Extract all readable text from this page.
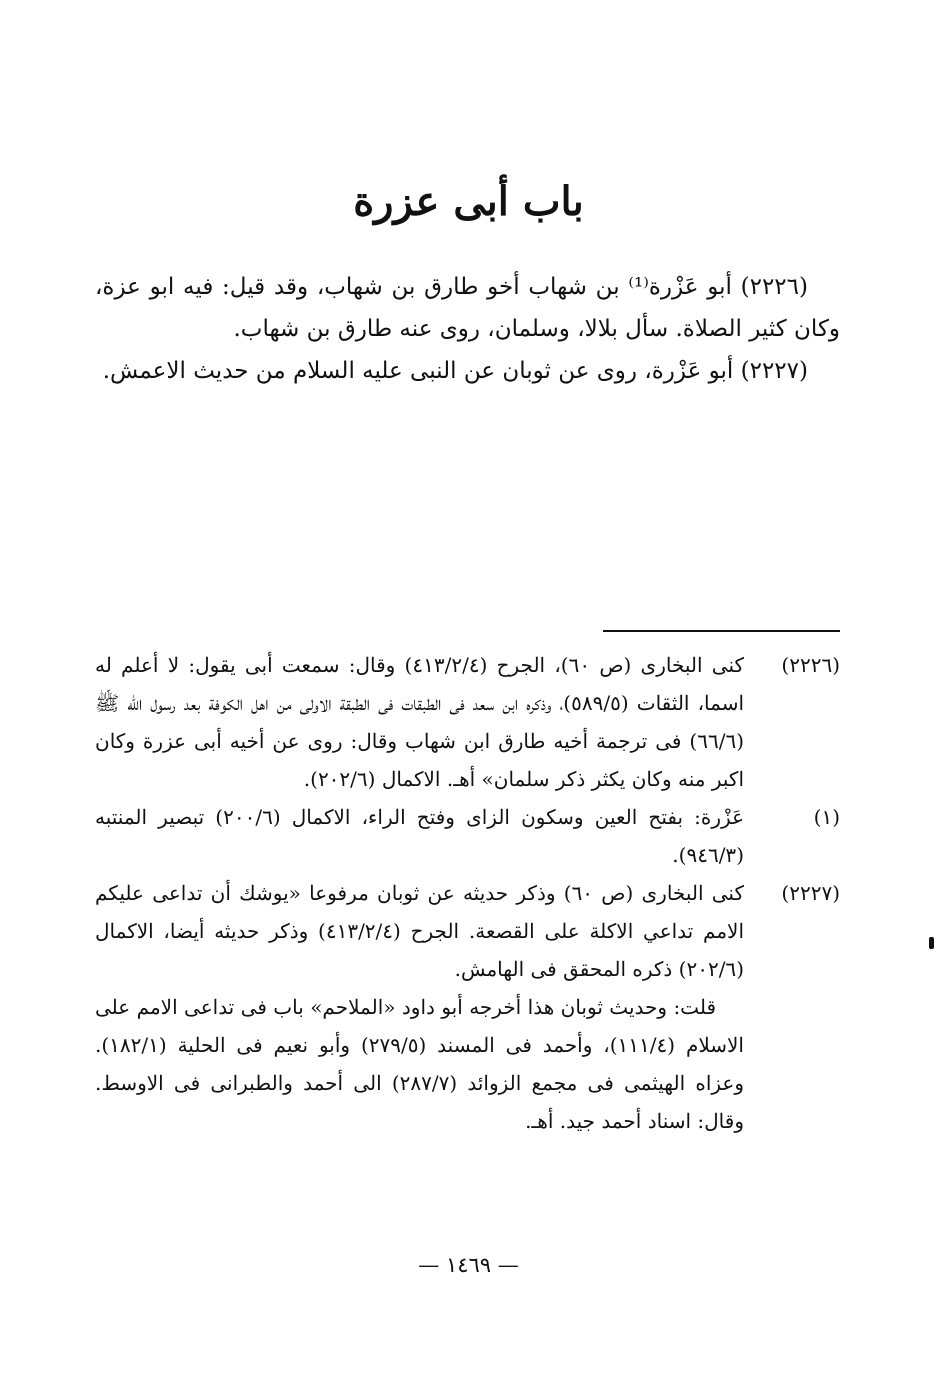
باب أبى عزرة

(٢٢٢٦) أبو عَزْرة⁽¹⁾ بن شهاب أخو طارق بن شهاب، وقد قيل: فيه ابو عزة، وكان كثير الصلاة. سأل بلالا، وسلمان، روى عنه طارق بن شهاب.

(٢٢٢٧) أبو عَزْرة، روى عن ثوبان عن النبى عليه السلام من حديث الاعمش.

(٢٢٢٦)

كنى البخارى (ص ٦٠)، الجرح (٤١٣/٢/٤) وقال: سمعت أبى يقول: لا أعلم له اسما، الثقات (٥٨٩/٥)، وذكره ابن سعد فى الطبقات فى الطبقة الاولى من اهل الكوفة بعد رسول الله ﷺ (٦٦/٦) فى ترجمة أخيه طارق ابن شهاب وقال: روى عن أخيه أبى عزرة وكان اكبر منه وكان يكثر ذكر سلمان» أهـ. الاكمال (٢٠٢/٦).

(١)

عَزْرة: بفتح العين وسكون الزاى وفتح الراء، الاكمال (٢٠٠/٦) تبصير المنتبه (٩٤٦/٣).

(٢٢٢٧)

كنى البخارى (ص ٦٠) وذكر حديثه عن ثوبان مرفوعا «يوشك أن تداعى عليكم الامم تداعي الاكلة على القصعة. الجرح (٤١٣/٢/٤) وذكر حديثه أيضا، الاكمال (٢٠٢/٦) ذكره المحقق فى الهامش.

قلت: وحديث ثوبان هذا أخرجه أبو داود «الملاحم» باب فى تداعى الامم على الاسلام (١١١/٤)، وأحمد فى المسند (٢٧٩/٥) وأبو نعيم فى الحلية (١٨٢/١). وعزاه الهيثمى فى مجمع الزوائد (٢٨٧/٧) الى أحمد والطبرانى فى الاوسط. وقال: اسناد أحمد جيد. أهـ.

— ١٤٦٩ —
